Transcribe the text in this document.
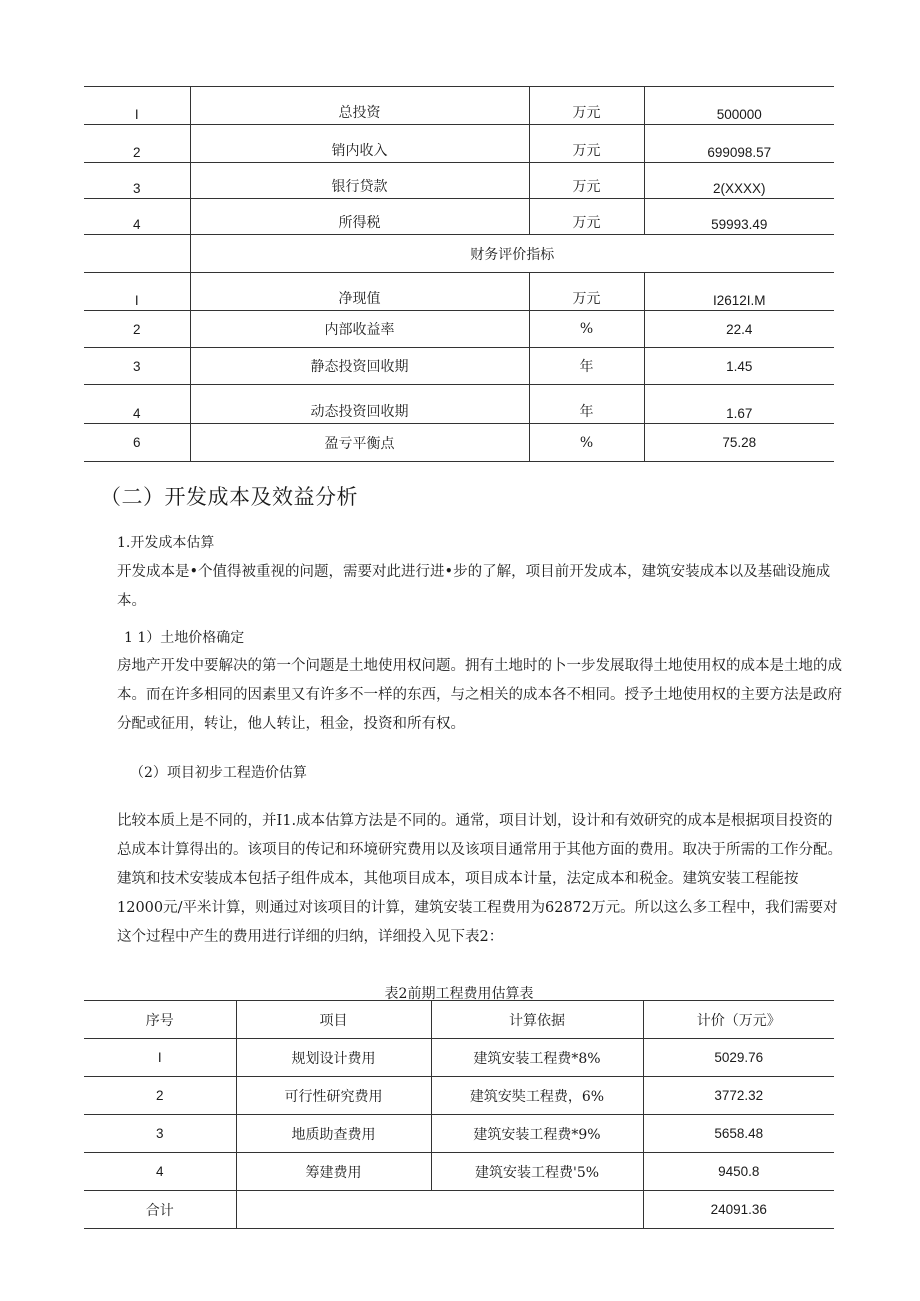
I	总投资	万元	500000
2	销内收入	万元	699098.57
3	银行贷款	万元	2(XXXX)
4	所得税	万元	59993.49
	财务评价指标		
I	净现值	万元	I2612I.M
2	内部收益率	%	22.4
3	静态投资回收期	年	1.45
4	动态投资回收期	年	1.67
6	盈亏平衡点	%	75.28
（二）开发成本及效益分析
1.开发成本估算
开发成本是•个值得被重视的问题，需要对此进行进•步的了解，项目前开发成本，建筑安装成本以及基础设施成本。
1 1）土地价格确定
房地产开发中要解决的第一个问题是土地使用权问题。拥有土地时的卜一步发展取得土地使用权的成本是土地的成本。而在许多相同的因素里又有许多不一样的东西，与之相关的成本各不相同。授予土地使用权的主要方法是政府分配或征用，转让，他人转让，租金，投资和所有权。
（2）项目初步工程造价估算
比较本质上是不同的，并I1.成本估算方法是不同的。通常，项目计划，设计和有效研究的成本是根据项目投资的总成本计算得出的。该项目的传记和环境研究费用以及该项目通常用于其他方面的费用。取决于所需的工作分配。建筑和技术安装成本包括子组件成本，其他项目成本，项目成本计量，法定成本和税金。建筑安装工程能按12000元/平米计算，则通过对该项目的计算，建筑安装工程费用为62872万元。所以这么多工程中，我们需要对这个过程中产生的费用进行详细的归纳，详细投入见下表2：
表2前期工程费用估算表
序号	项目	计算依据	计价（万元》
I	规划设计费用	建筑安装工程费*8%	5029.76
2	可行性研究费用	建筑安奘工程费，6%	3772.32
3	地质助查费用	建筑安装工程费*9%	5658.48
4	筹建费用	建筑安装工程费'5%	9450.8
合计			24091.36
